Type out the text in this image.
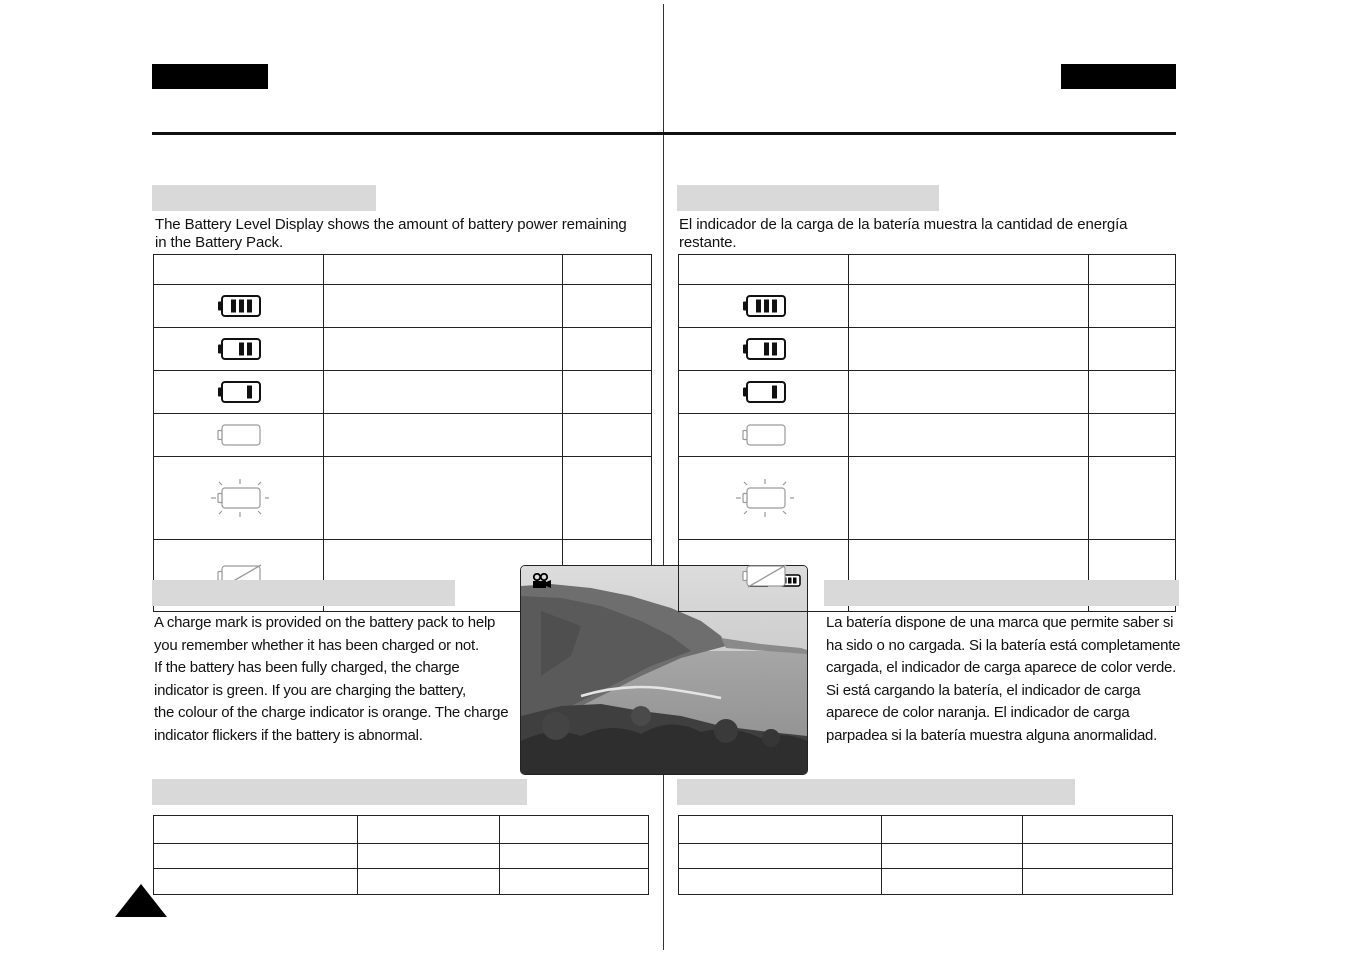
The Battery Level Display shows the amount of battery power remaining

in the Battery Pack.

A charge mark is provided on the battery pack to help

you remember whether it has been charged or not.

If the battery has been fully charged, the charge

indicator is green. If you are charging the battery,

the colour of the charge indicator is orange. The charge

indicator flickers if the battery is abnormal.

El indicador de la carga de la batería muestra la cantidad de energía

restante.

La batería dispone de una marca que permite saber si

ha sido o no cargada. Si la batería está completamente

cargada, el indicador de carga aparece de color verde.

Si está cargando la batería, el indicador de carga

aparece de color naranja. El indicador de carga

parpadea si la batería muestra alguna anormalidad.
